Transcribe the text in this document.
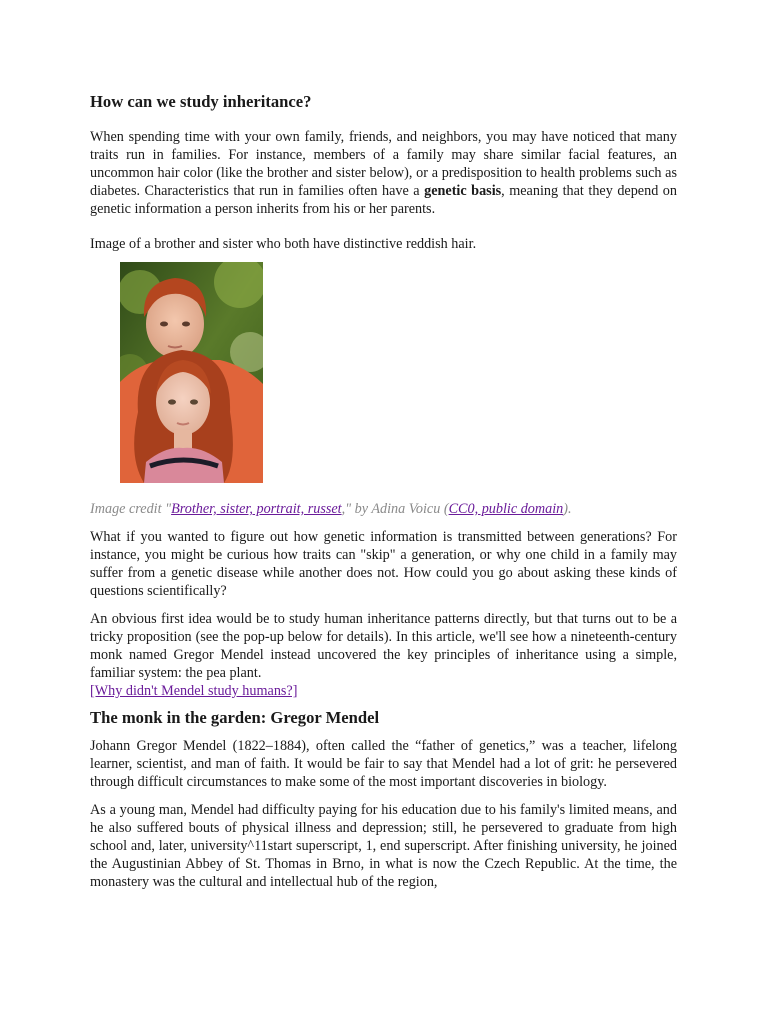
How can we study inheritance?

When spending time with your own family, friends, and neighbors, you may have noticed that many traits run in families. For instance, members of a family may share similar facial features, an uncommon hair color (like the brother and sister below), or a predisposition to health problems such as diabetes. Characteristics that run in families often have a genetic basis, meaning that they depend on genetic information a person inherits from his or her parents.

Image of a brother and sister who both have distinctive reddish hair.

Image credit "Brother, sister, portrait, russet," by Adina Voicu (CC0, public domain).

What if you wanted to figure out how genetic information is transmitted between generations? For instance, you might be curious how traits can "skip" a generation, or why one child in a family may suffer from a genetic disease while another does not. How could you go about asking these kinds of questions scientifically?

An obvious first idea would be to study human inheritance patterns directly, but that turns out to be a tricky proposition (see the pop-up below for details). In this article, we'll see how a nineteenth-century monk named Gregor Mendel instead uncovered the key principles of inheritance using a simple, familiar system: the pea plant.

[Why didn't Mendel study humans?]
The monk in the garden: Gregor Mendel

Johann Gregor Mendel (1822–1884), often called the “father of genetics,” was a teacher, lifelong learner, scientist, and man of faith. It would be fair to say that Mendel had a lot of grit: he persevered through difficult circumstances to make some of the most important discoveries in biology.

As a young man, Mendel had difficulty paying for his education due to his family's limited means, and he also suffered bouts of physical illness and depression; still, he persevered to graduate from high school and, later, university^11start superscript, 1, end superscript. After finishing university, he joined the Augustinian Abbey of St. Thomas in Brno, in what is now the Czech Republic. At the time, the monastery was the cultural and intellectual hub of the region,
